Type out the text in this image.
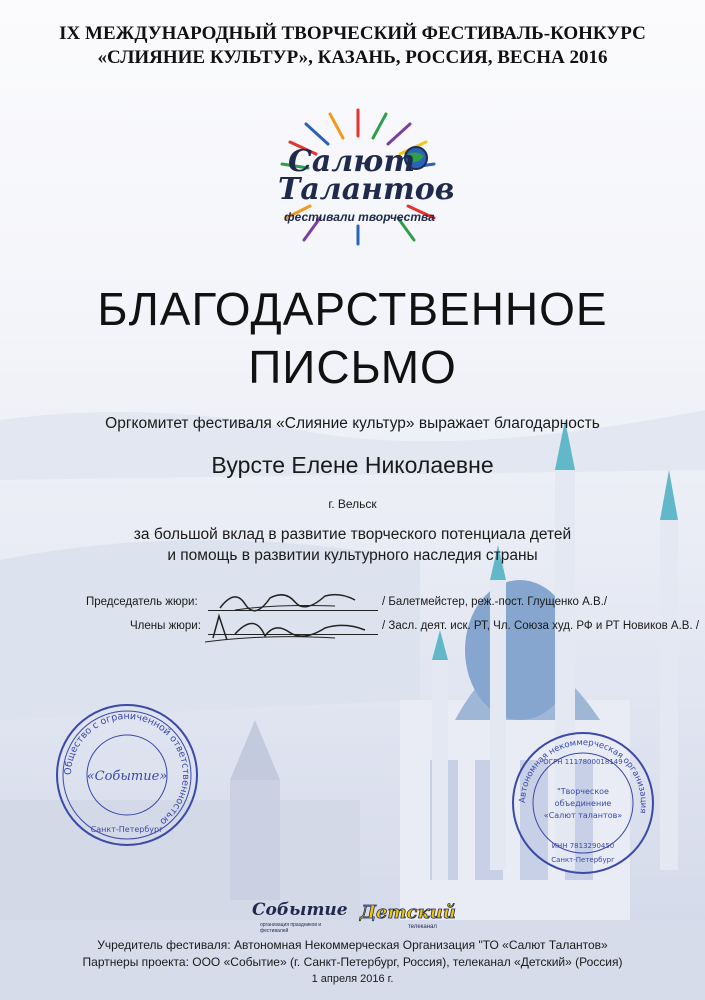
IX МЕЖДУНАРОДНЫЙ ТВОРЧЕСКИЙ ФЕСТИВАЛЬ-КОНКУРС
«СЛИЯНИЕ КУЛЬТУР», КАЗАНЬ, РОССИЯ, ВЕСНА 2016
Салют
Талантов
фестивали творчества
БЛАГОДАРСТВЕННОЕ
ПИСЬМО
Оргкомитет фестиваля «Слияние культур» выражает благодарность
Вурсте Елене Николаевне
г. Вельск
за большой вклад в развитие творческого потенциала детей
и помощь в развитии культурного наследия страны
Председатель жюри:	/ Балетмейстер, реж.-пост. Глущенко А.В./
Члены жюри:	/ Засл. деят. иск. РТ, Чл. Союза худ. РФ и РТ Новиков А.В. /
Общество с ограниченной ответственностью
«Событие»
Санкт-Петербург
Автономная некоммерческая организация
ОГРН 1117800018149
ИНН 7813290450
Санкт-Петербург
"Творческое
объединение
«Салют талантов»
Событие
организация праздников и фестивалей
Детский
телеканал
Учредитель фестиваля: Автономная Некоммерческая Организация "ТО «Салют Талантов»
Партнеры проекта: ООО «Событие» (г. Санкт-Петербург, Россия), телеканал «Детский» (Россия)
1 апреля 2016 г.
